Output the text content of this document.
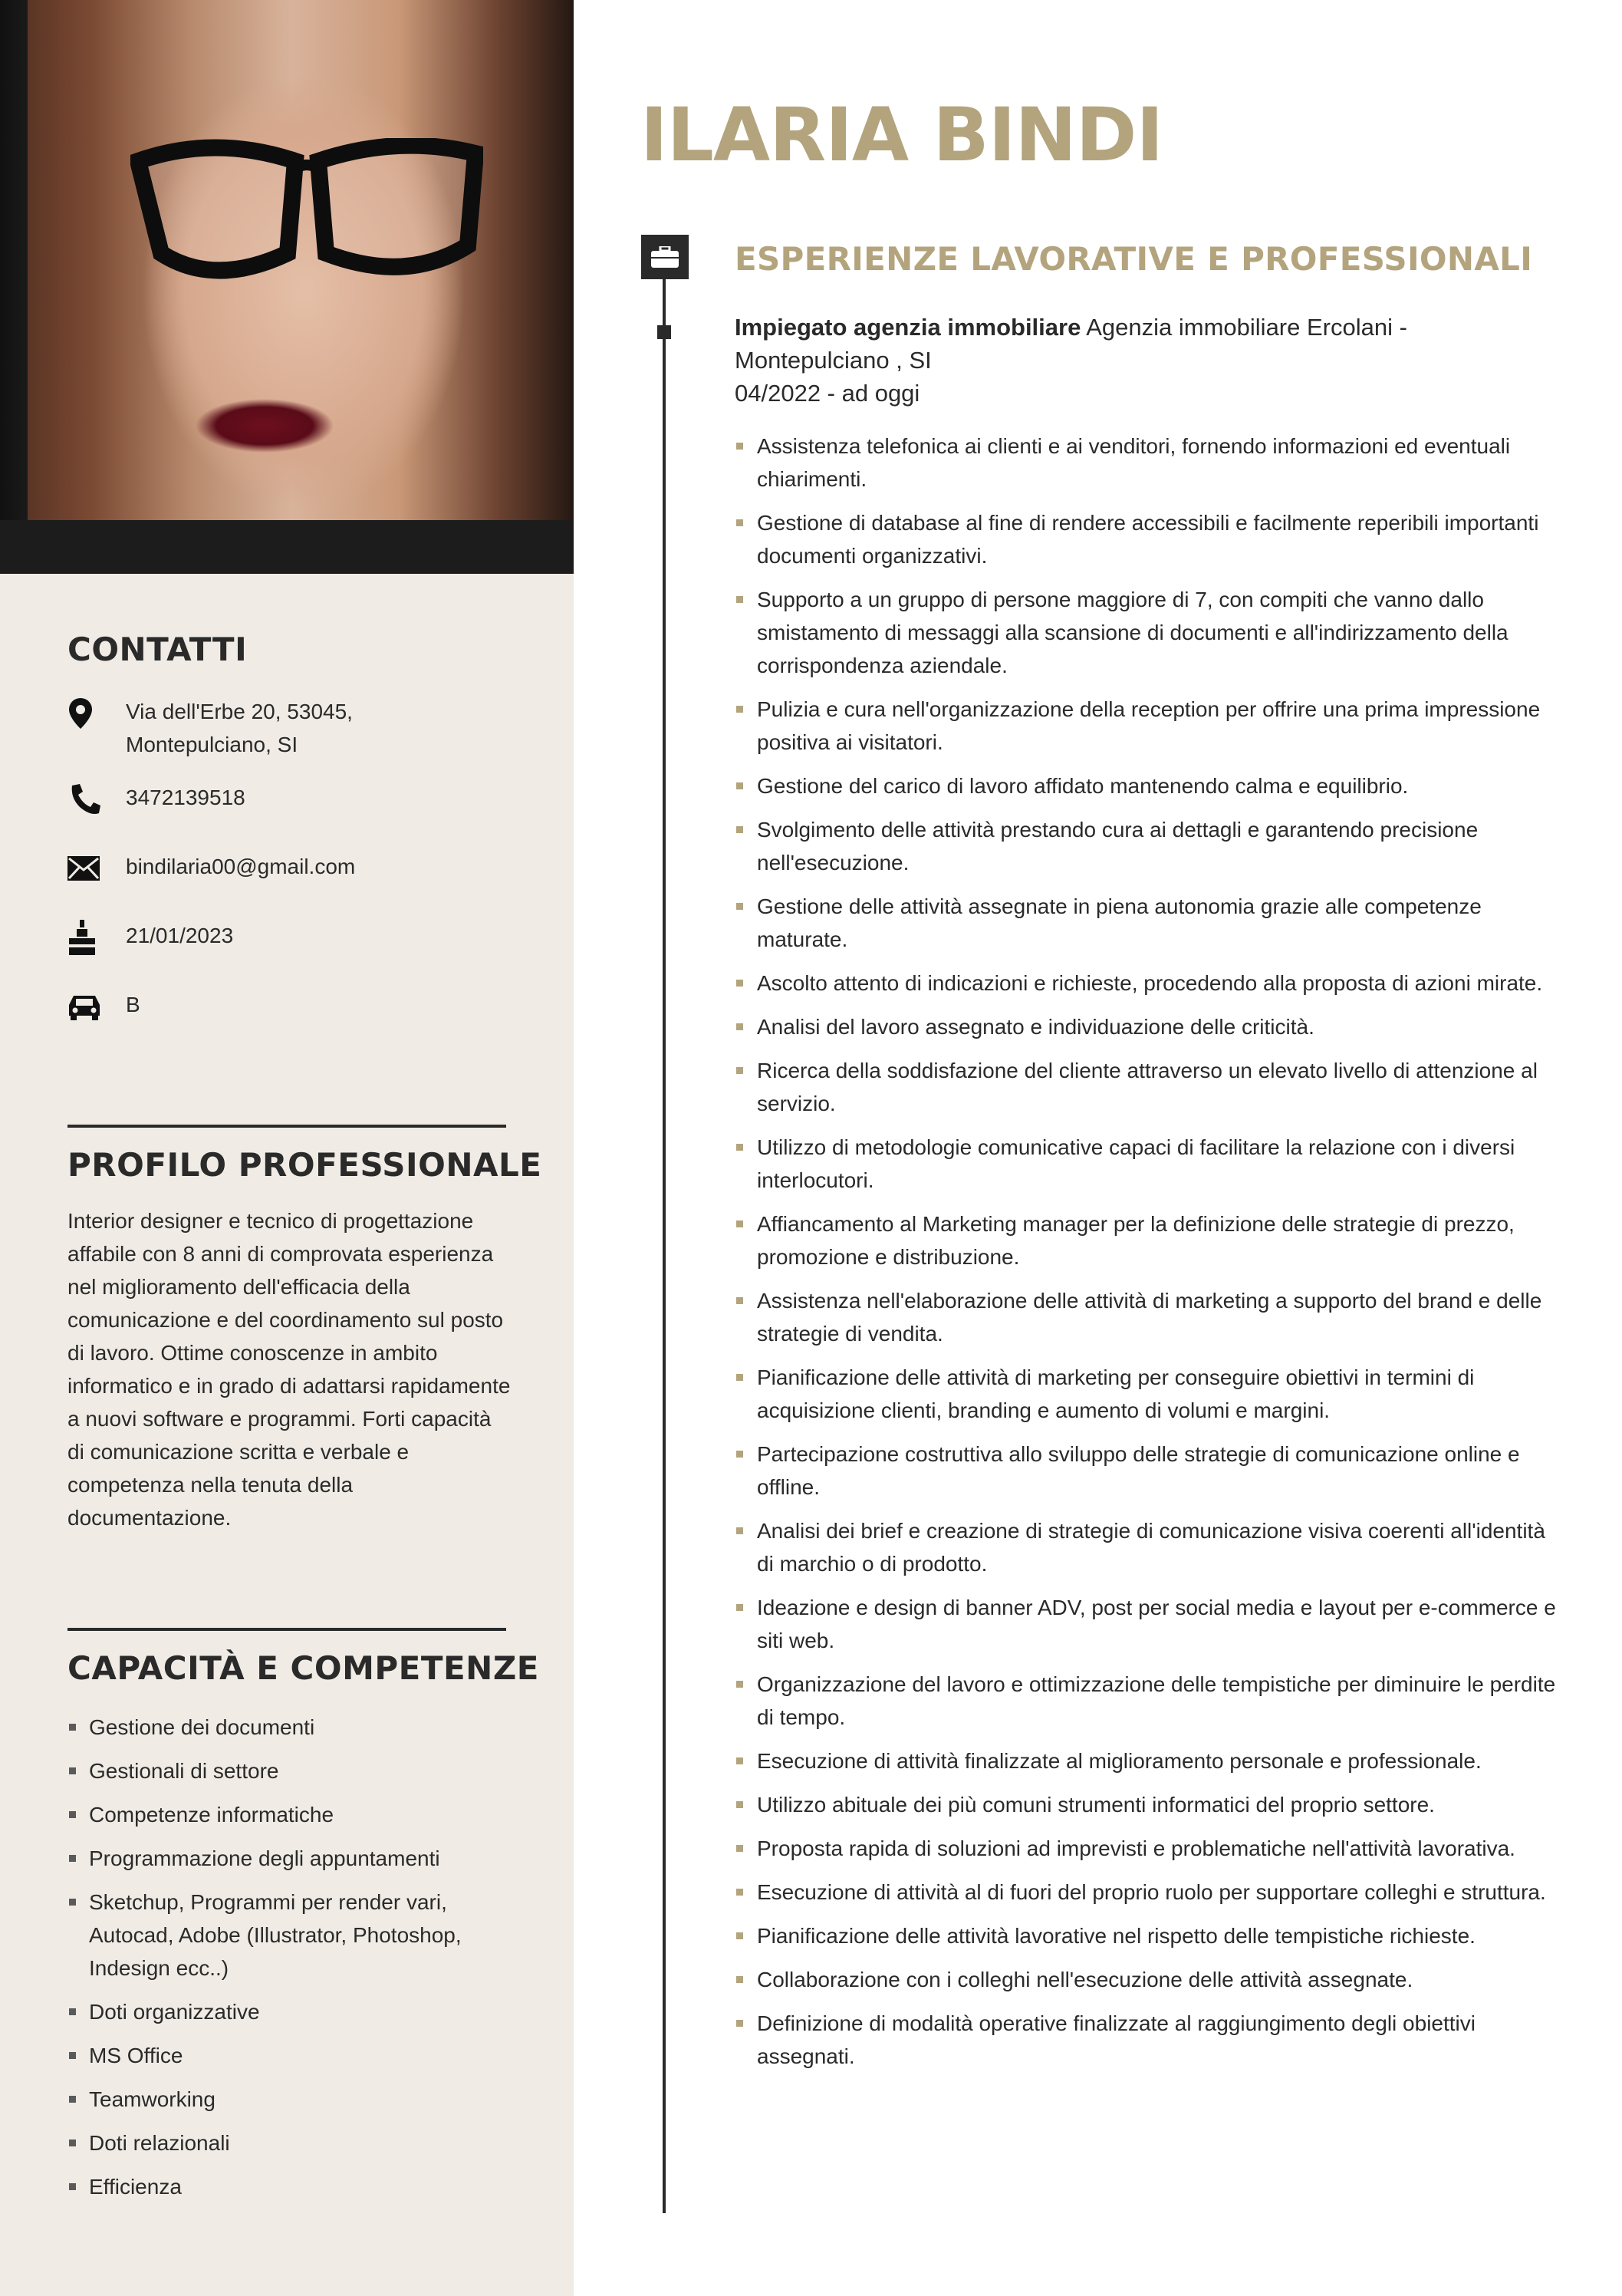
CONTATTI
Via dell'Erbe 20, 53045,
Montepulciano, SI
3472139518
bindilaria00@gmail.com
21/01/2023
B
PROFILO PROFESSIONALE
Interior designer e tecnico di progettazione affabile con 8 anni di comprovata esperienza nel miglioramento dell'efficacia della comunicazione e del coordinamento sul posto di lavoro. Ottime conoscenze in ambito informatico e in grado di adattarsi rapidamente a nuovi software e programmi. Forti capacità di comunicazione scritta e verbale e competenza nella tenuta della documentazione.
CAPACITÀ E COMPETENZE
Gestione dei documenti
Gestionali di settore
Competenze informatiche
Programmazione degli appuntamenti
Sketchup, Programmi per render vari, Autocad, Adobe (Illustrator, Photoshop, Indesign ecc..)
Doti organizzative
MS Office
Teamworking
Doti relazionali
Efficienza
ILARIA BINDI
ESPERIENZE LAVORATIVE E PROFESSIONALI
Impiegato agenzia immobiliare Agenzia immobiliare Ercolani -
Montepulciano , SI
04/2022 - ad oggi
Assistenza telefonica ai clienti e ai venditori, fornendo informazioni ed eventuali chiarimenti.
Gestione di database al fine di rendere accessibili e facilmente reperibili importanti documenti organizzativi.
Supporto a un gruppo di persone maggiore di 7, con compiti che vanno dallo smistamento di messaggi alla scansione di documenti e all'indirizzamento della corrispondenza aziendale.
Pulizia e cura nell'organizzazione della reception per offrire una prima impressione positiva ai visitatori.
Gestione del carico di lavoro affidato mantenendo calma e equilibrio.
Svolgimento delle attività prestando cura ai dettagli e garantendo precisione nell'esecuzione.
Gestione delle attività assegnate in piena autonomia grazie alle competenze maturate.
Ascolto attento di indicazioni e richieste, procedendo alla proposta di azioni mirate.
Analisi del lavoro assegnato e individuazione delle criticità.
Ricerca della soddisfazione del cliente attraverso un elevato livello di attenzione al servizio.
Utilizzo di metodologie comunicative capaci di facilitare la relazione con i diversi interlocutori.
Affiancamento al Marketing manager per la definizione delle strategie di prezzo, promozione e distribuzione.
Assistenza nell'elaborazione delle attività di marketing a supporto del brand e delle strategie di vendita.
Pianificazione delle attività di marketing per conseguire obiettivi in termini di acquisizione clienti, branding e aumento di volumi e margini.
Partecipazione costruttiva allo sviluppo delle strategie di comunicazione online e offline.
Analisi dei brief e creazione di strategie di comunicazione visiva coerenti all'identità di marchio o di prodotto.
Ideazione e design di banner ADV, post per social media e layout per e-commerce e siti web.
Organizzazione del lavoro e ottimizzazione delle tempistiche per diminuire le perdite di tempo.
Esecuzione di attività finalizzate al miglioramento personale e professionale.
Utilizzo abituale dei più comuni strumenti informatici del proprio settore.
Proposta rapida di soluzioni ad imprevisti e problematiche nell'attività lavorativa.
Esecuzione di attività al di fuori del proprio ruolo per supportare colleghi e struttura.
Pianificazione delle attività lavorative nel rispetto delle tempistiche richieste.
Collaborazione con i colleghi nell'esecuzione delle attività assegnate.
Definizione di modalità operative finalizzate al raggiungimento degli obiettivi assegnati.
